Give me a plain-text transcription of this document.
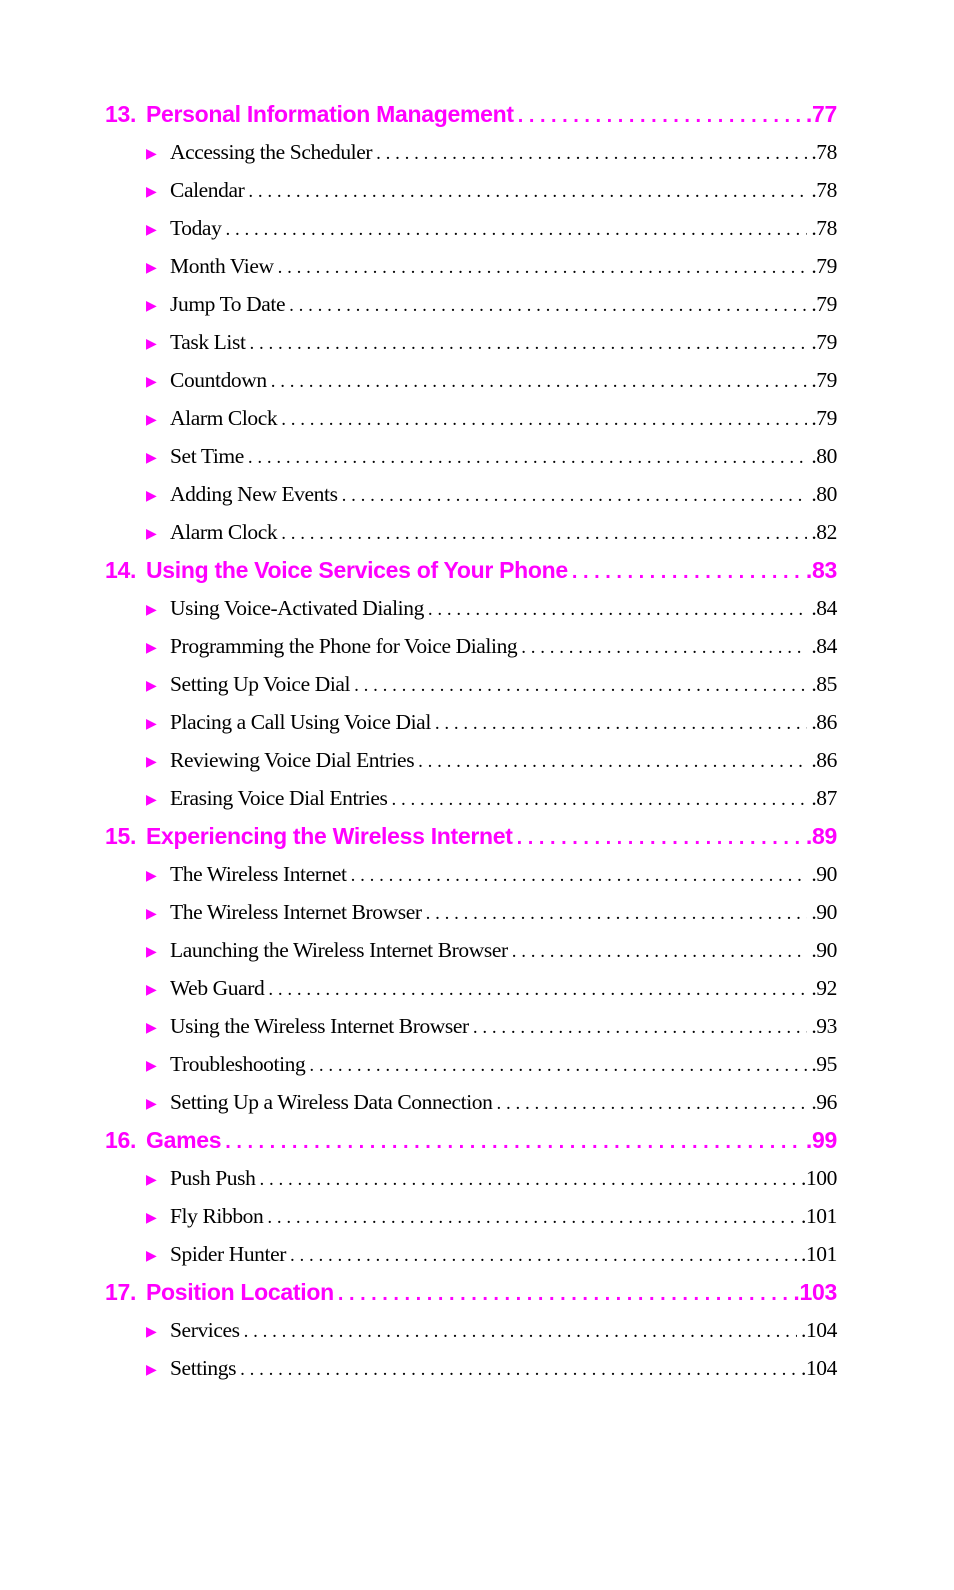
13. Personal Information Management . . .	.77
▶ Accessing the Scheduler . . .	.78
▶ Calendar . . .	.78
▶ Today . . .	.78
▶ Month View . . .	.79
▶ Jump To Date . . .	.79
▶ Task List . . .	.79
▶ Countdown . . .	.79
▶ Alarm Clock . . .	.79
▶ Set Time . . .	.80
▶ Adding New Events . . .	.80
▶ Alarm Clock . . .	.82
14. Using the Voice Services of Your Phone . . .	.83
▶ Using Voice-Activated Dialing . . .	.84
▶ Programming the Phone for Voice Dialing . . .	.84
▶ Setting Up Voice Dial . . .	.85
▶ Placing a Call Using Voice Dial . . .	.86
▶ Reviewing Voice Dial Entries . . .	.86
▶ Erasing Voice Dial Entries . . .	.87
15. Experiencing the Wireless Internet . . .	.89
▶ The Wireless Internet . . .	.90
▶ The Wireless Internet Browser . . .	.90
▶ Launching the Wireless Internet Browser . . .	.90
▶ Web Guard . . .	.92
▶ Using the Wireless Internet Browser . . .	.93
▶ Troubleshooting . . .	.95
▶ Setting Up a Wireless Data Connection . . .	.96
16. Games . . .	.99
▶ Push Push . . .	.100
▶ Fly Ribbon . . .	.101
▶ Spider Hunter . . .	.101
17. Position Location . . .	.103
▶ Services . . .	.104
▶ Settings . . .	.104
